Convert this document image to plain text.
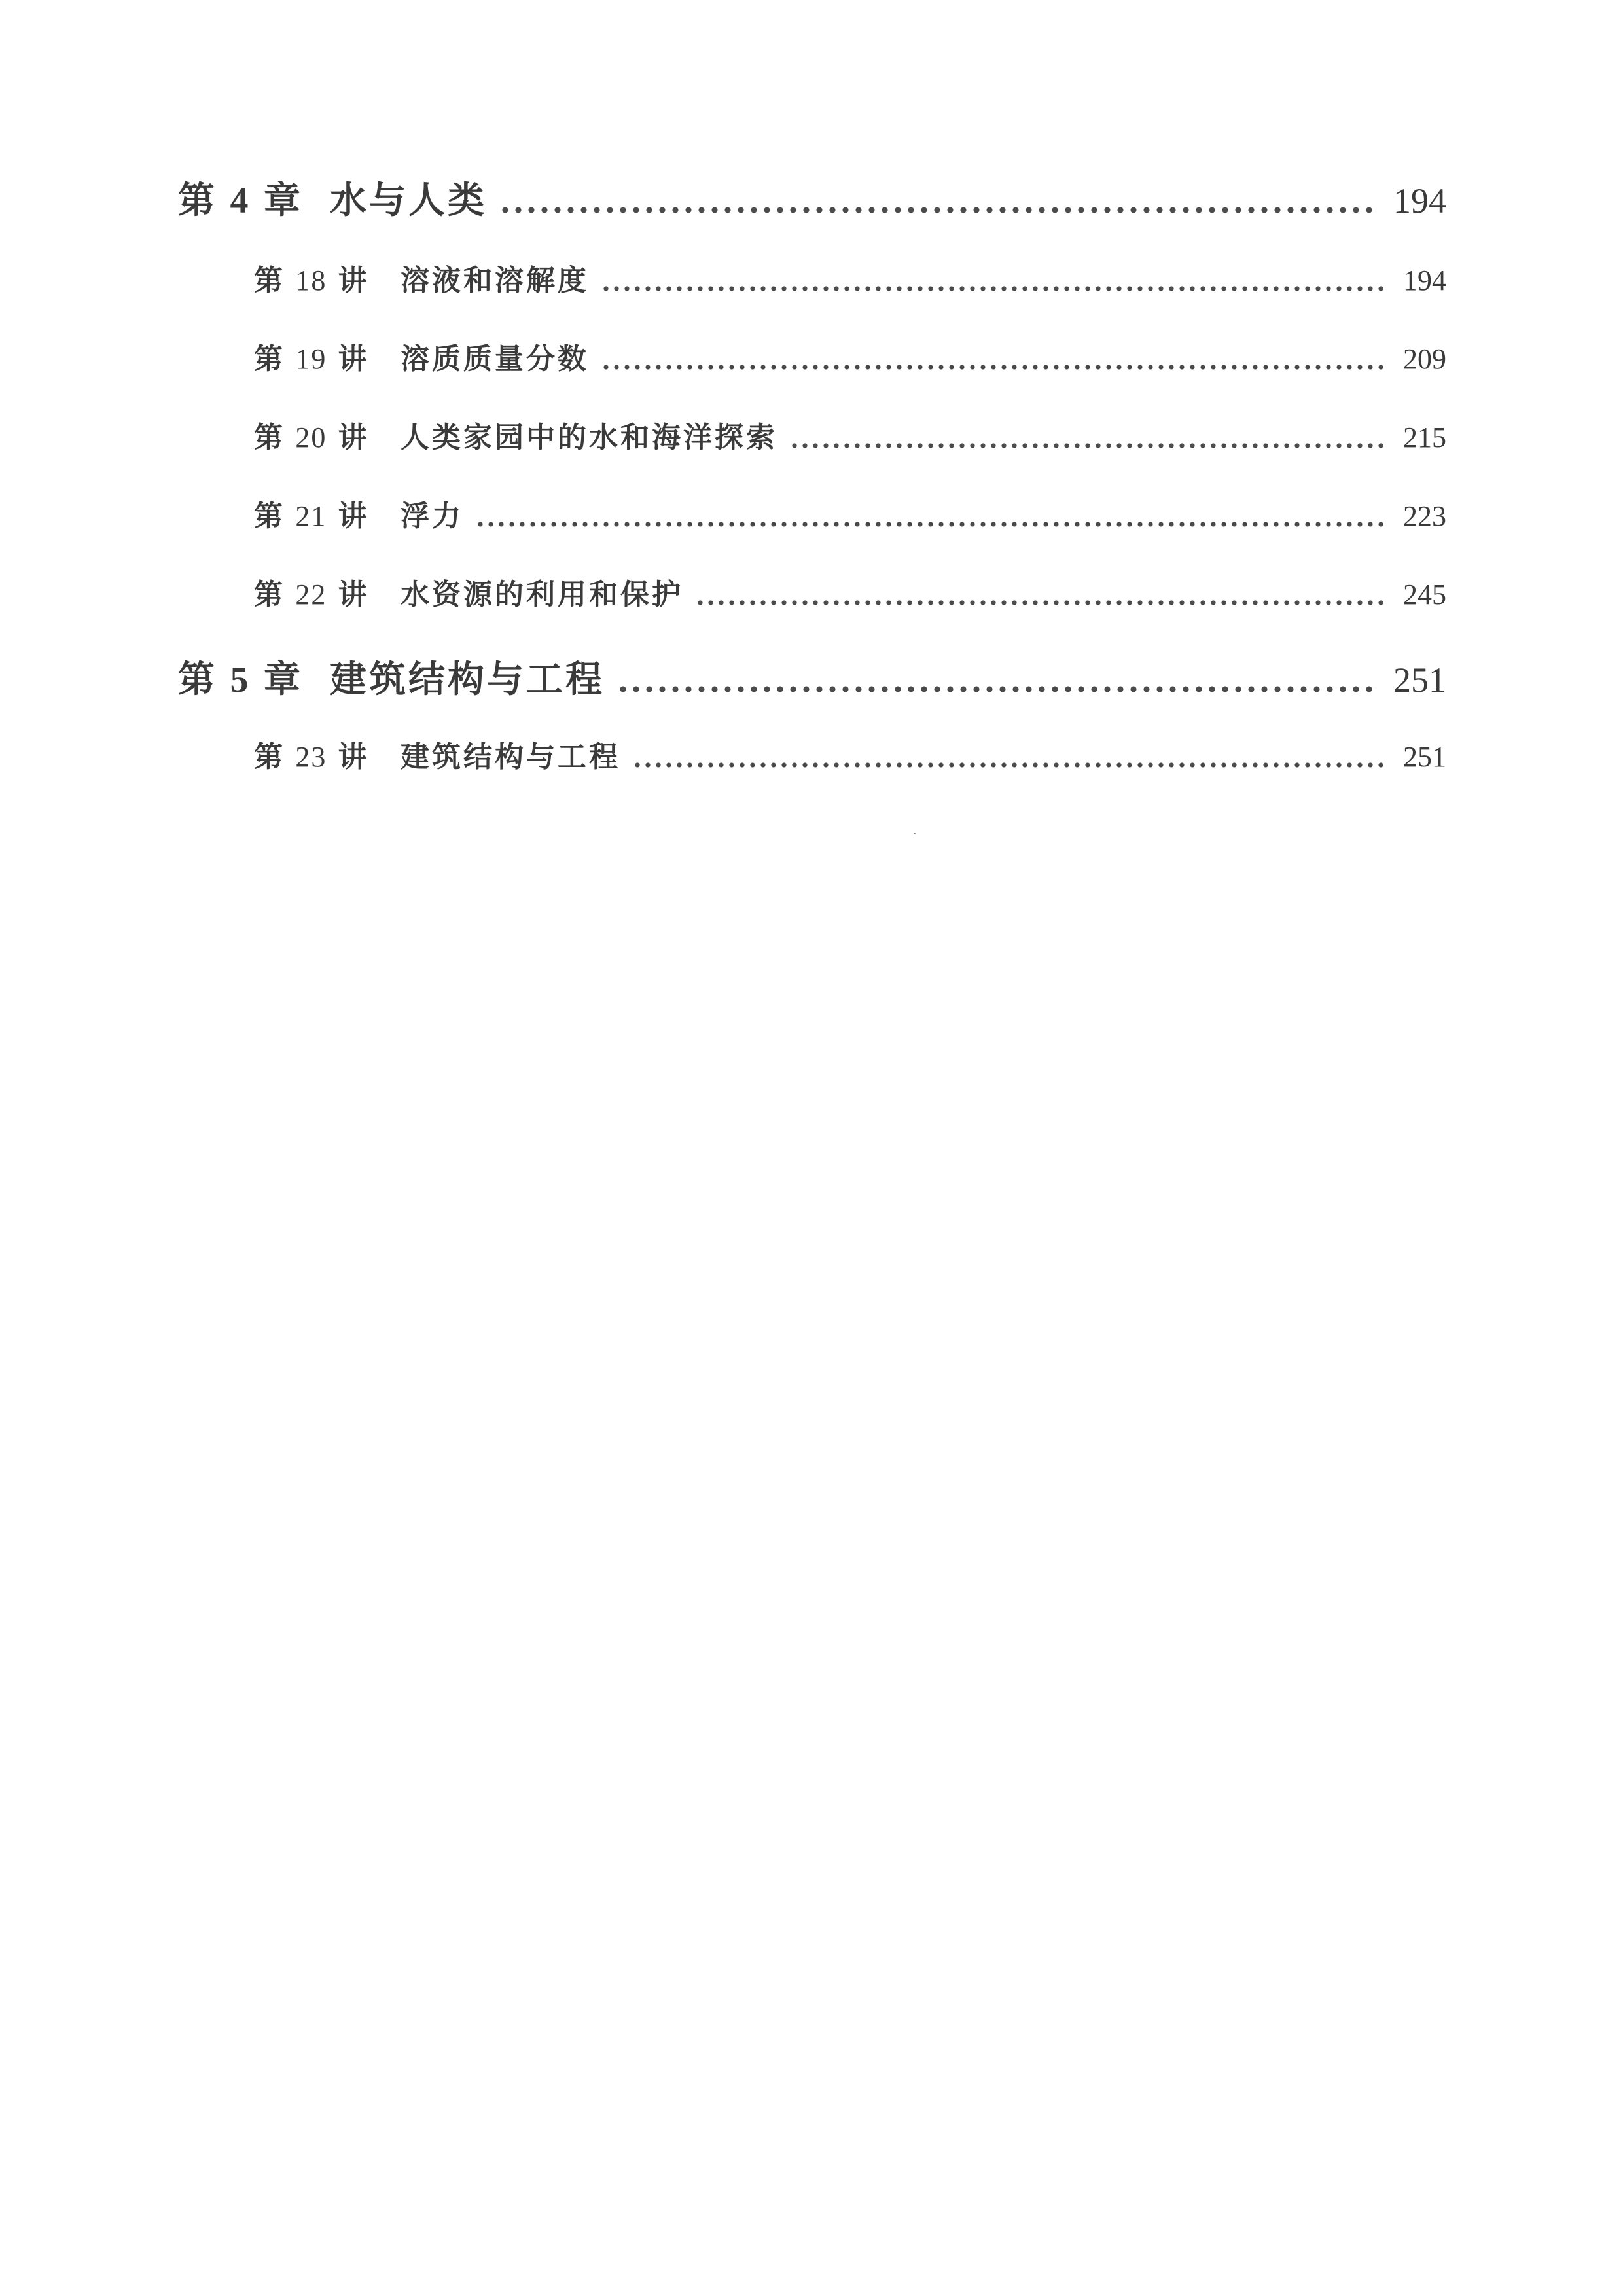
第 4 章 水与人类	194
第 18 讲	溶液和溶解度	194
第 19 讲	溶质质量分数	209
第 20 讲	人类家园中的水和海洋探索	215
第 21 讲	浮力	223
第 22 讲	水资源的利用和保护	245
第 5 章 建筑结构与工程	251
第 23 讲	建筑结构与工程	251
